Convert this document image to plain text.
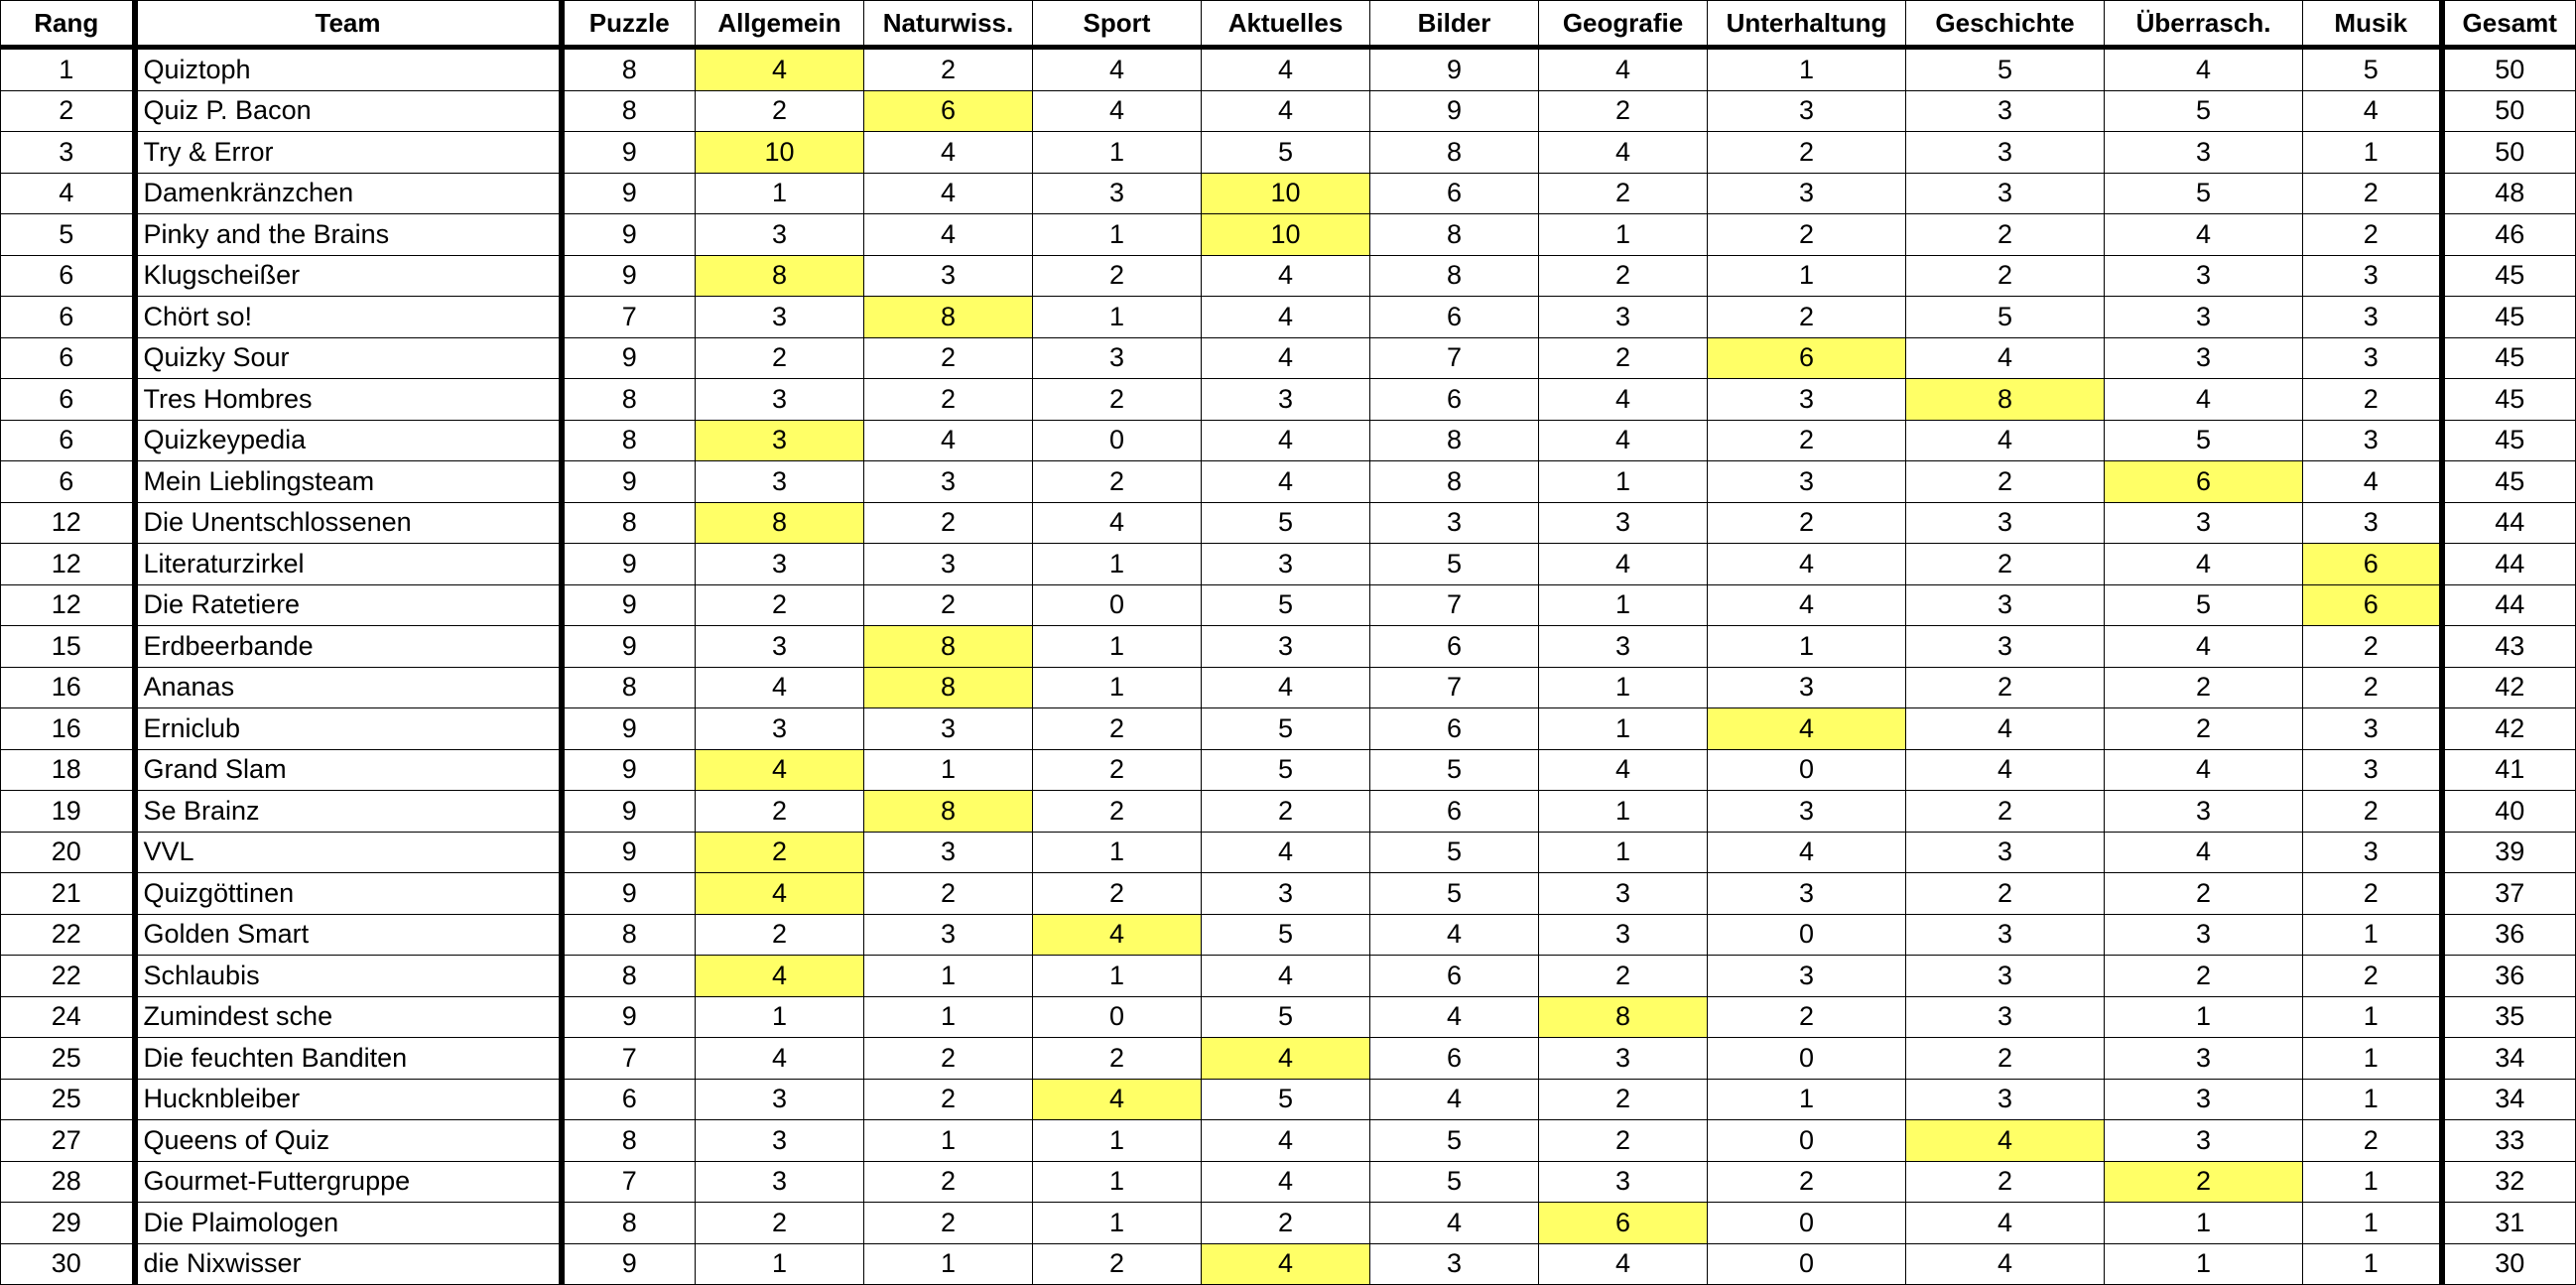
Rang	Team	Puzzle	Allgemein	Naturwiss.	Sport	Aktuelles	Bilder	Geografie	Unterhaltung	Geschichte	Überrasch.	Musik	Gesamt
1	Quiztoph	8	4	2	4	4	9	4	1	5	4	5	50
2	Quiz P. Bacon	8	2	6	4	4	9	2	3	3	5	4	50
3	Try & Error	9	10	4	1	5	8	4	2	3	3	1	50
4	Damenkränzchen	9	1	4	3	10	6	2	3	3	5	2	48
5	Pinky and the Brains	9	3	4	1	10	8	1	2	2	4	2	46
6	Klugscheißer	9	8	3	2	4	8	2	1	2	3	3	45
6	Chört so!	7	3	8	1	4	6	3	2	5	3	3	45
6	Quizky Sour	9	2	2	3	4	7	2	6	4	3	3	45
6	Tres Hombres	8	3	2	2	3	6	4	3	8	4	2	45
6	Quizkeypedia	8	3	4	0	4	8	4	2	4	5	3	45
6	Mein Lieblingsteam	9	3	3	2	4	8	1	3	2	6	4	45
12	Die Unentschlossenen	8	8	2	4	5	3	3	2	3	3	3	44
12	Literaturzirkel	9	3	3	1	3	5	4	4	2	4	6	44
12	Die Ratetiere	9	2	2	0	5	7	1	4	3	5	6	44
15	Erdbeerbande	9	3	8	1	3	6	3	1	3	4	2	43
16	Ananas	8	4	8	1	4	7	1	3	2	2	2	42
16	Erniclub	9	3	3	2	5	6	1	4	4	2	3	42
18	Grand Slam	9	4	1	2	5	5	4	0	4	4	3	41
19	Se Brainz	9	2	8	2	2	6	1	3	2	3	2	40
20	VVL	9	2	3	1	4	5	1	4	3	4	3	39
21	Quizgöttinen	9	4	2	2	3	5	3	3	2	2	2	37
22	Golden Smart	8	2	3	4	5	4	3	0	3	3	1	36
22	Schlaubis	8	4	1	1	4	6	2	3	3	2	2	36
24	Zumindest sche	9	1	1	0	5	4	8	2	3	1	1	35
25	Die feuchten Banditen	7	4	2	2	4	6	3	0	2	3	1	34
25	Hucknbleiber	6	3	2	4	5	4	2	1	3	3	1	34
27	Queens of Quiz	8	3	1	1	4	5	2	0	4	3	2	33
28	Gourmet-Futtergruppe	7	3	2	1	4	5	3	2	2	2	1	32
29	Die Plaimologen	8	2	2	1	2	4	6	0	4	1	1	31
30	die Nixwisser	9	1	1	2	4	3	4	0	4	1	1	30
